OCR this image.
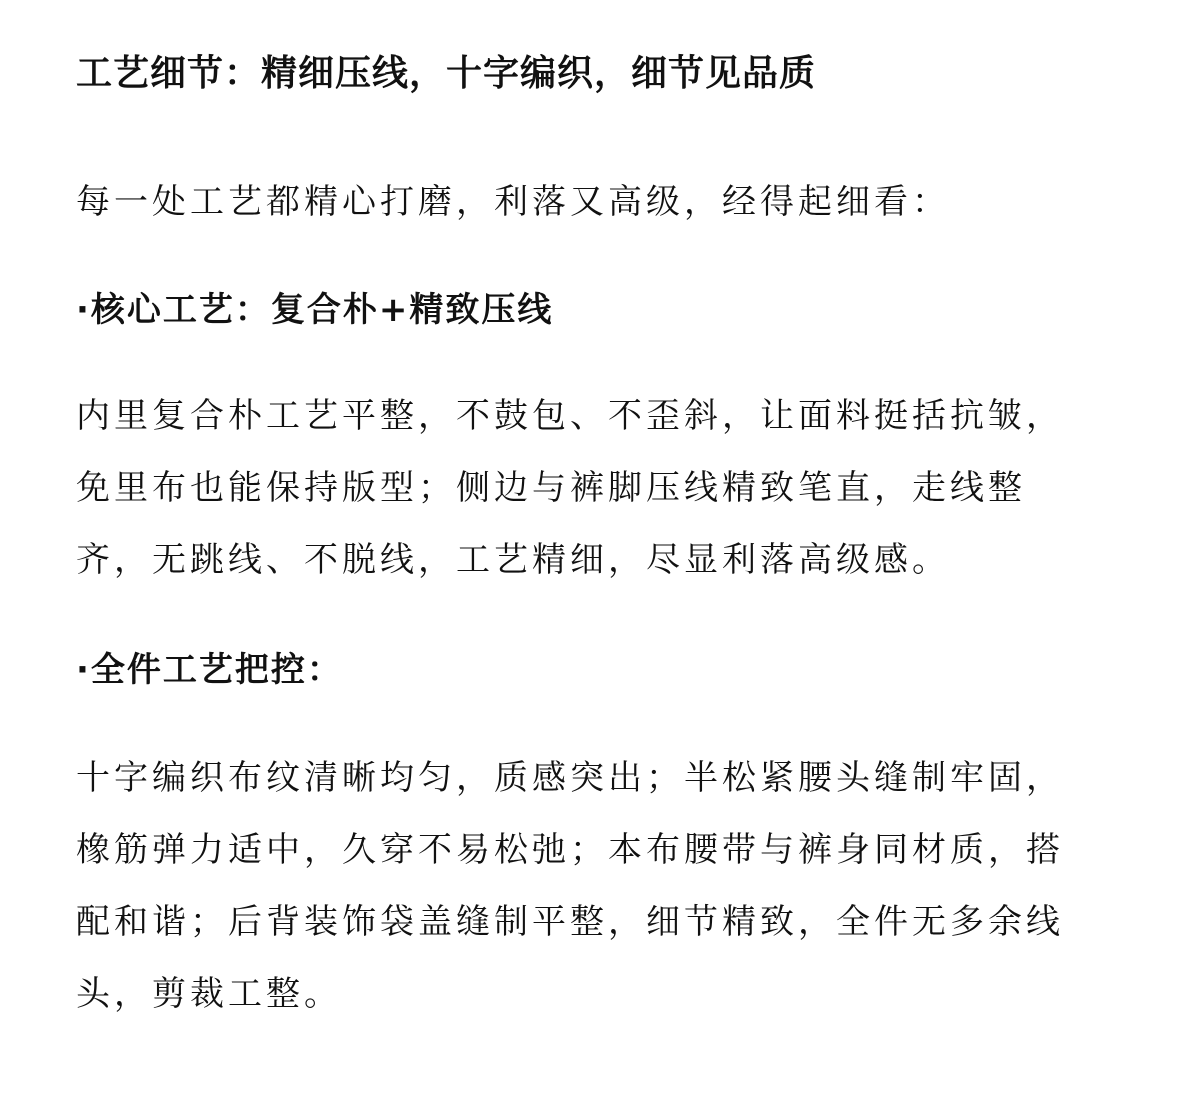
工艺细节：精细压线，十字编织，细节见品质

每一处工艺都精心打磨，利落又高级，经得起细看：

·核心工艺：复合朴+精致压线

内里复合朴工艺平整，不鼓包、不歪斜，让面料挺括抗皱，
免里布也能保持版型；侧边与裤脚压线精致笔直，走线整
齐，无跳线、不脱线，工艺精细，尽显利落高级感。

·全件工艺把控：

十字编织布纹清晰均匀，质感突出；半松紧腰头缝制牢固，
橡筋弹力适中，久穿不易松弛；本布腰带与裤身同材质，搭
配和谐；后背装饰袋盖缝制平整，细节精致，全件无多余线
头，剪裁工整。
